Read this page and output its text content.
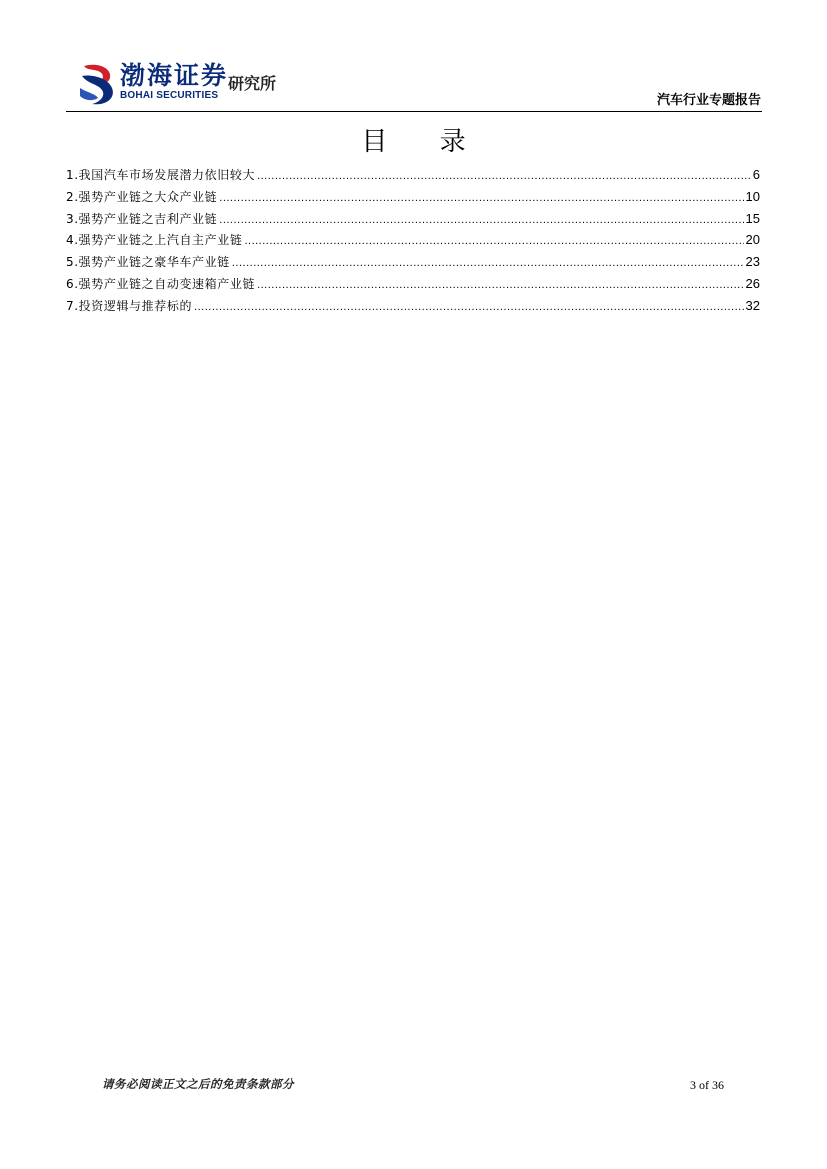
渤海证券
BOHAI SECURITIES
研究所
汽车行业专题报告
目 录
1.我国汽车市场发展潜力依旧较大 .....	6
2.强势产业链之大众产业链 .....	10
3.强势产业链之吉利产业链 .....	15
4.强势产业链之上汽自主产业链 .....	20
5.强势产业链之豪华车产业链 .....	23
6.强势产业链之自动变速箱产业链 .....	26
7.投资逻辑与推荐标的 .....	32
请务必阅读正文之后的免责条款部分	3 of 36
